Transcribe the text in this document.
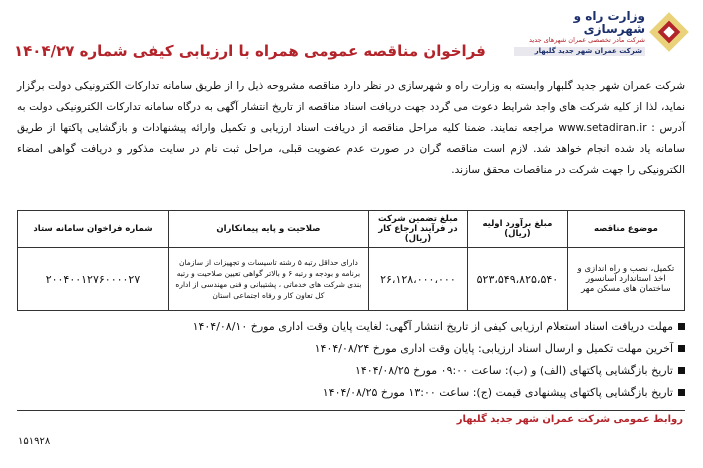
وزارت راه و شهرسازی
شرکت مادر تخصصی عمران شهرهای جدید
شرکت عمران شهر جدید گلبهار
فراخوان مناقصه عمومی همراه با ارزیابی کیفی شماره ۱۴۰۴/۲۷
شرکت عمران شهر جدید گلبهار وابسته به وزارت راه و شهرسازی در نظر دارد مناقصه مشروحه ذیل را از طریق سامانه تدارکات الکترونیکی دولت برگزار نماید، لذا از کلیه شرکت های واجد شرایط دعوت می گردد جهت دریافت اسناد مناقصه از تاریخ انتشار آگهی به درگاه سامانه تدارکات الکترونیکی دولت به آدرس : www.setadiran.ir مراجعه نمایند. ضمنا کلیه مراحل مناقصه از دریافت اسناد ارزیابی و تکمیل وارائه پیشنهادات و بازگشایی پاکتها از طریق سامانه یاد شده انجام خواهد شد. لازم است مناقصه گران در صورت عدم عضویت قبلی، مراحل ثبت نام در سایت مذکور و دریافت گواهی امضاء الکترونیکی را جهت شرکت در مناقصات محقق سازند.
موضوع مناقصه	مبلغ برآورد اولیه (ریال)	مبلغ تضمین شرکت در فرآیند ارجاع کار (ریال)	صلاحیت و پایه پیمانکاران	شماره فراخوان سامانه ستاد
تکمیل، نصب و راه اندازی و اخذ استاندارد آسانسور ساختمان های مسکن مهر	۵۲۳،۵۴۹،۸۲۵،۵۴۰	۲۶،۱۲۸،۰۰۰،۰۰۰	دارای حداقل رتبه ۵ رشته تاسیسات و تجهیزات از سازمان برنامه و بودجه و رتبه ۶ و بالاتر گواهی تعیین صلاحیت و رتبه بندی شرکت های خدماتی ، پشتیبانی و فنی مهندسی از اداره کل تعاون کار و رفاه اجتماعی استان	۲۰۰۴۰۰۱۲۷۶۰۰۰۰۲۷
مهلت دریافت اسناد استعلام ارزیابی کیفی از تاریخ انتشار آگهی: لغایت پایان وقت اداری مورخ ۱۴۰۴/۰۸/۱۰
آخرین مهلت تکمیل و ارسال اسناد ارزیابی: پایان وقت اداری مورخ ۱۴۰۴/۰۸/۲۴
تاریخ بازگشایی پاکتهای (الف) و (ب): ساعت ۰۹:۰۰ مورخ ۱۴۰۴/۰۸/۲۵
تاریخ بازگشایی پاکتهای پیشنهادی قیمت (ج): ساعت ۱۳:۰۰ مورخ ۱۴۰۴/۰۸/۲۵
روابط عمومی شرکت عمران شهر جدید گلبهار
۱۵۱۹۲۸
